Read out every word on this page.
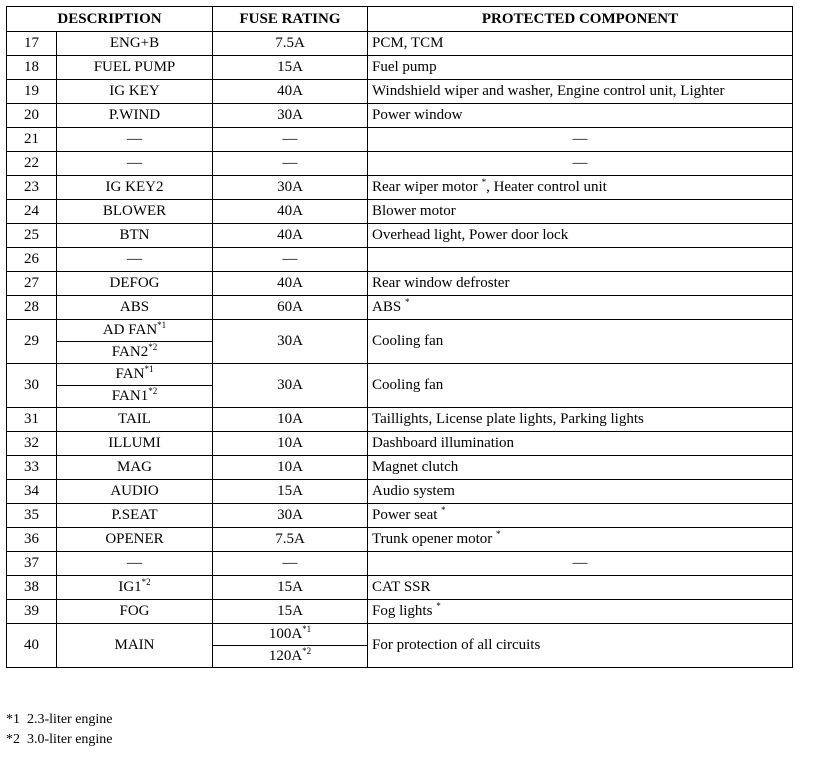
DESCRIPTION		FUSE RATING	PROTECTED COMPONENT
17	ENG+B	7.5A	PCM, TCM
18	FUEL PUMP	15A	Fuel pump
19	IG KEY	40A	Windshield wiper and washer, Engine control unit, Lighter
20	P.WIND	30A	Power window
21	—	—	—
22	—	—	—
23	IG KEY2	30A	Rear wiper motor *, Heater control unit
24	BLOWER	40A	Blower motor
25	BTN	40A	Overhead light, Power door lock
26	—	—	
27	DEFOG	40A	Rear window defroster
28	ABS	60A	ABS *
29	AD FAN$^{*1}$	30A	Cooling fan
	FAN2$^{*2}$
30	FAN$^{*1}$	30A	Cooling fan
	FAN1$^{*2}$
31	TAIL	10A	Taillights, License plate lights, Parking lights
32	ILLUMI	10A	Dashboard illumination
33	MAG	10A	Magnet clutch
34	AUDIO	15A	Audio system
35	P.SEAT	30A	Power seat *
36	OPENER	7.5A	Trunk opener motor *
37	—	—	—
38	IG1$^{*2}$	15A	CAT SSR
39	FOG	15A	Fog lights *
40	MAIN	$100A^{*1}$	For protection of all circuits
		$120A^{*2}$
*1 2.3-liter engine
*2 3.0-liter engine
